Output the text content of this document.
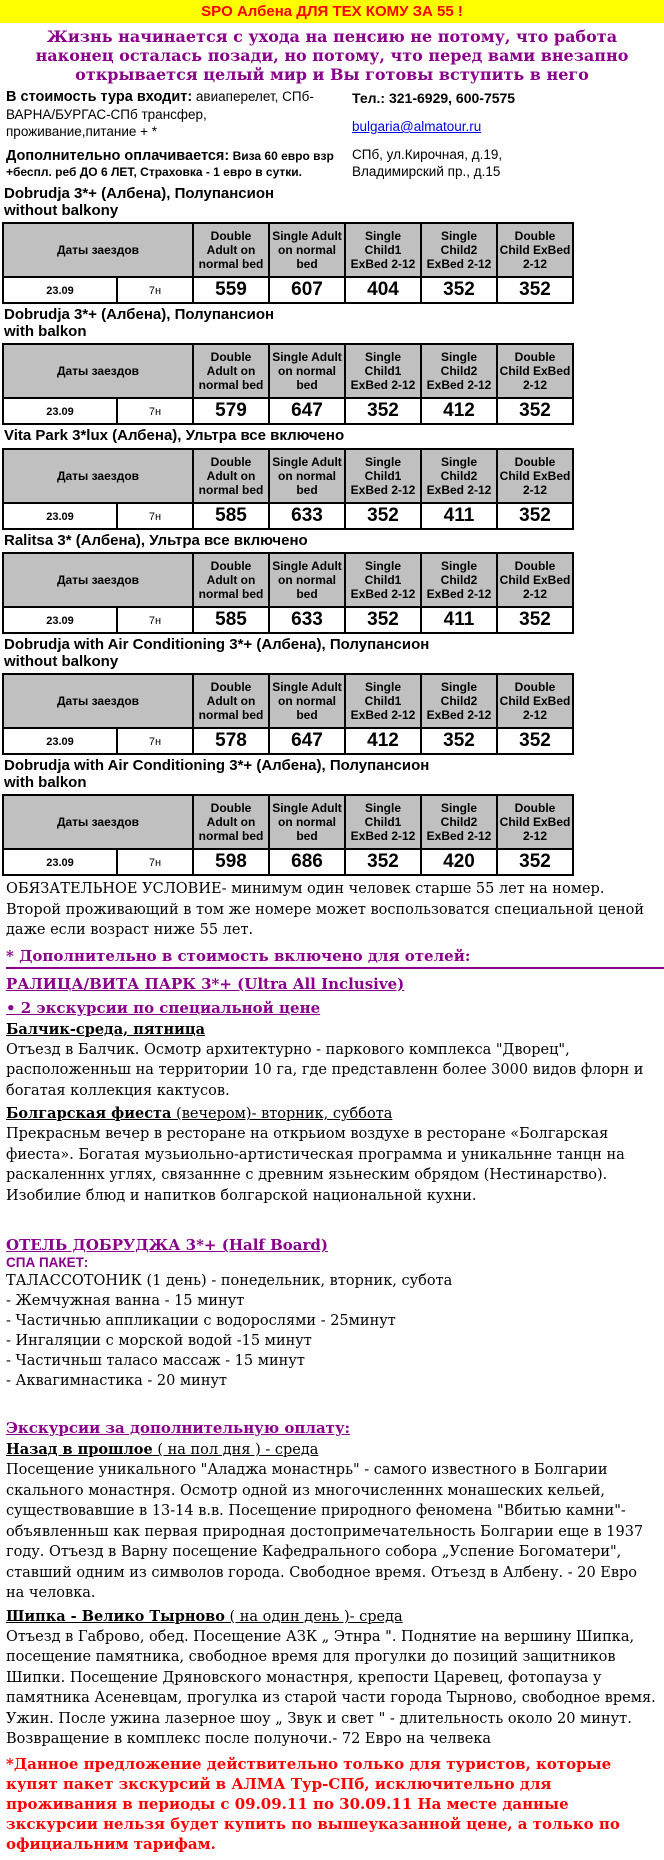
SPO Албена ДЛЯ ТЕХ КОМУ ЗА 55 !
Жизнь начинается с ухода на пенсию не потому, что работа наконец осталась позади, но потому, что перед вами внезапно открывается целый мир и Вы готовы вступить в него

В стоимость тура входит: авиаперелет, СПб-ВАРНА/БУРГАС-СПб трансфер, проживание,питание + *

Дополнительно оплачивается: Виза 60 евро взр +беспл. реб ДО 6 ЛЕТ, Страховка - 1 евро в сутки.

Тел.: 321-6929, 600-7575
bulgaria@almatour.ru
СПб, ул.Кирочная, д.19,
Владимирский пр., д.15
Dobrudja 3*+ (Албена), Полупансион
without balkony
Даты заездов		Double Adult on normal bed	Single Adult on normal bed	Single Child1 ExBed 2-12	Single Child2 ExBed 2-12	Double Child ExBed 2-12
23.09	7н	559	607	404	352	352
Dobrudja 3*+ (Албена), Полупансион
with balkon
Даты заездов		Double Adult on normal bed	Single Adult on normal bed	Single Child1 ExBed 2-12	Single Child2 ExBed 2-12	Double Child ExBed 2-12
23.09	7н	579	647	352	412	352
Vita Park 3*lux (Албена), Ультра все включено
Даты заездов		Double Adult on normal bed	Single Adult on normal bed	Single Child1 ExBed 2-12	Single Child2 ExBed 2-12	Double Child ExBed 2-12
23.09	7н	585	633	352	411	352
Ralitsa 3* (Албена), Ультра все включено
Даты заездов		Double Adult on normal bed	Single Adult on normal bed	Single Child1 ExBed 2-12	Single Child2 ExBed 2-12	Double Child ExBed 2-12
23.09	7н	585	633	352	411	352
Dobrudja with Air Conditioning 3*+ (Албена), Полупансион
without balkony
Даты заездов		Double Adult on normal bed	Single Adult on normal bed	Single Child1 ExBed 2-12	Single Child2 ExBed 2-12	Double Child ExBed 2-12
23.09	7н	578	647	412	352	352
Dobrudja with Air Conditioning 3*+ (Албена), Полупансион
with balkon
Даты заездов		Double Adult on normal bed	Single Adult on normal bed	Single Child1 ExBed 2-12	Single Child2 ExBed 2-12	Double Child ExBed 2-12
23.09	7н	598	686	352	420	352

ОБЯЗАТЕЛЬНОЕ УСЛОВИЕ- минимум один человек старше 55 лет на номер. Второй проживающий в том же номере может воспользоватся специальной ценой даже если возраст ниже 55 лет.

* Дополнительно в стоимость включено для отелей:
РАЛИЦА/ВИТА ПАРК 3*+ (Ultra All Inclusive)
• 2 экскурсии по специальной цене
Балчик-среда, пятница

Отъезд в Балчик. Осмотр архитектурно - паркового комплекса "Дворец", расположенньш на территории 10 га, где представленн более 3000 видов флорн и богатая коллекция кактусов.

Болгарская фиеста (вечером)- вторник, суббота

Прекрасньм вечер в ресторане на открьиом воздухе в ресторане «Болгарская фиеста». Богатая музьиольно-артистическая программа и уникальнне танцн на раскаленннх углях, связаннне с древним язьнеским обрядом (Нестинарство). Изобилие блюд и напитков болгарской национальной кухни.

ОТЕЛЬ ДОБРУДЖА 3*+ (Half Board)
СПА ПАКЕТ:
ТАЛАССОТОНИК (1 день) - понедельник, вторник, субота
- Жемчужная ванна - 15 минут
- Частичнью аппликации с водорослями - 25минут
- Ингаляции с морской водой -15 минут
- Частичньш таласо массаж - 15 минут
- Аквагимнастика - 20 минут
Экскурсии за дополнительную оплату:
Назад в прошлое ( на пол дня ) - среда

Посещение уникального "Аладжа монастнрь" - самого известного в Болгарии скального монастнря. Осмотр одной из многочисленннх монашеских кельей, существовавшие в 13-14 в.в. Посещение природного феномена "Вбитью камни"- объявленньш как первая природная достопримечательность Болгарии еще в 1937 году. Отъезд в Варну посещение Кафедрального собора „Успение Богоматери", ставший одним из символов города. Свободное время. Отъезд в Албену. - 20 Евро на человка.

Шипка - Велико Тырново ( на один день )- среда

Отъезд в Габрово, обед. Посещение АЗК „ Этнра ". Поднятие на вершину Шипка, посещение памятника, свободное время для прогулки до позиций защитников Шипки. Посещение Дряновского монастнря, крепости Царевец, фотопауза у памятника Асеневцам, прогулка из старой части города Тырново, свободное время. Ужин. После ужина лазерное шоу „ Звук и свет " - длительность около 20 минут. Возвращение в комплекс после полуночи.- 72 Евро на челвека

*Данное предложение действительно только для туристов, которые купят пакет зкскурсий в АЛМА Тур-СПб, исключительно для проживания в периоды с 09.09.11 по 30.09.11 На месте данные зкскурсии нельзя будет купить по вышеуказанной цене, а только по официальним тарифам.
